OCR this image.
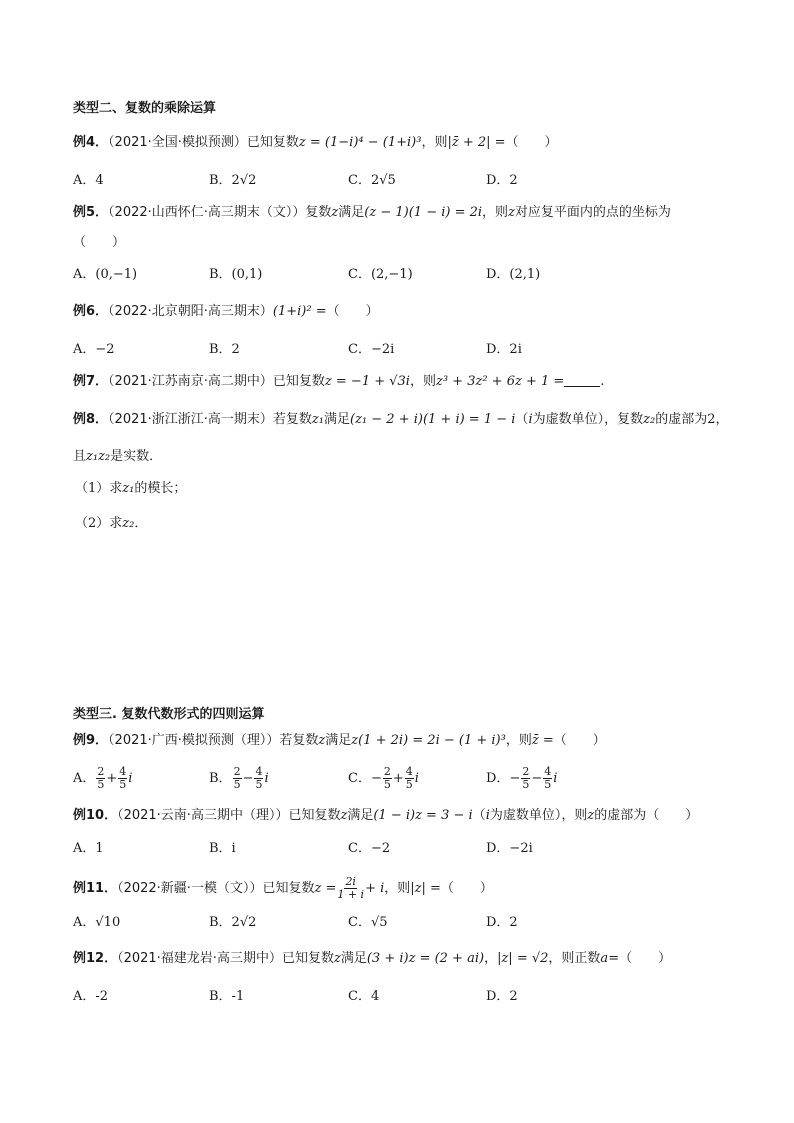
类型二、复数的乘除运算
例4．（2021·全国·模拟预测）已知复数z = (1−i)⁴ − (1+i)³，则|z̄ + 2| =（　　）
A．4	B．2√2	C．2√5	D．2
例5．（2022·山西怀仁·高三期末（文））复数z满足(z − 1)(1 − i) = 2i，则z对应复平面内的点的坐标为
（　　）
A．(0,−1)	B．(0,1)	C．(2,−1)	D．(2,1)
例6．（2022·北京朝阳·高三期末）(1+i)² =（　　）
A．−2	B．2	C．−2i	D．2i
例7．（2021·江苏南京·高二期中）已知复数z = −1 + √3i，则z³ + 3z² + 6z + 1 =	.
例8．（2021·浙江浙江·高一期末）若复数z₁满足(z₁ − 2 + i)(1 + i) = 1 − i（i为虚数单位），复数z₂的虚部为2，
且z₁z₂是实数．
（1）求z₁的模长；
（2）求z₂．
类型三. 复数代数形式的四则运算
例9．（2021·广西·模拟预测（理））若复数z满足z(1 + 2i) = 2i − (1 + i)³，则z̄ =（　　）
A． $\frac{2}{5} + \frac{4}{5}$ i	B． $\frac{2}{5} - \frac{4}{5}$ i	C．− $\frac{2}{5} + \frac{4}{5}$ i	D．− $\frac{2}{5} - \frac{4}{5}$ i
例10．（2021·云南·高三期中（理））已知复数z满足(1 − i)z = 3 − i（i为虚数单位），则z的虚部为（　　）
A．1	B．i	C．−2	D．−2i
例11．（2022·新疆·一模（文））已知复数$z = \frac{2i}{1 + i} + i$，则|z| =（　　）
A．√10	B．2√2	C．√5	D．2
例12．（2021·福建龙岩·高三期中）已知复数z满足(3 + i)z = (2 + ai)，|z| = √2，则正数a=（　　）
A．-2	B．-1	C．4	D．2
